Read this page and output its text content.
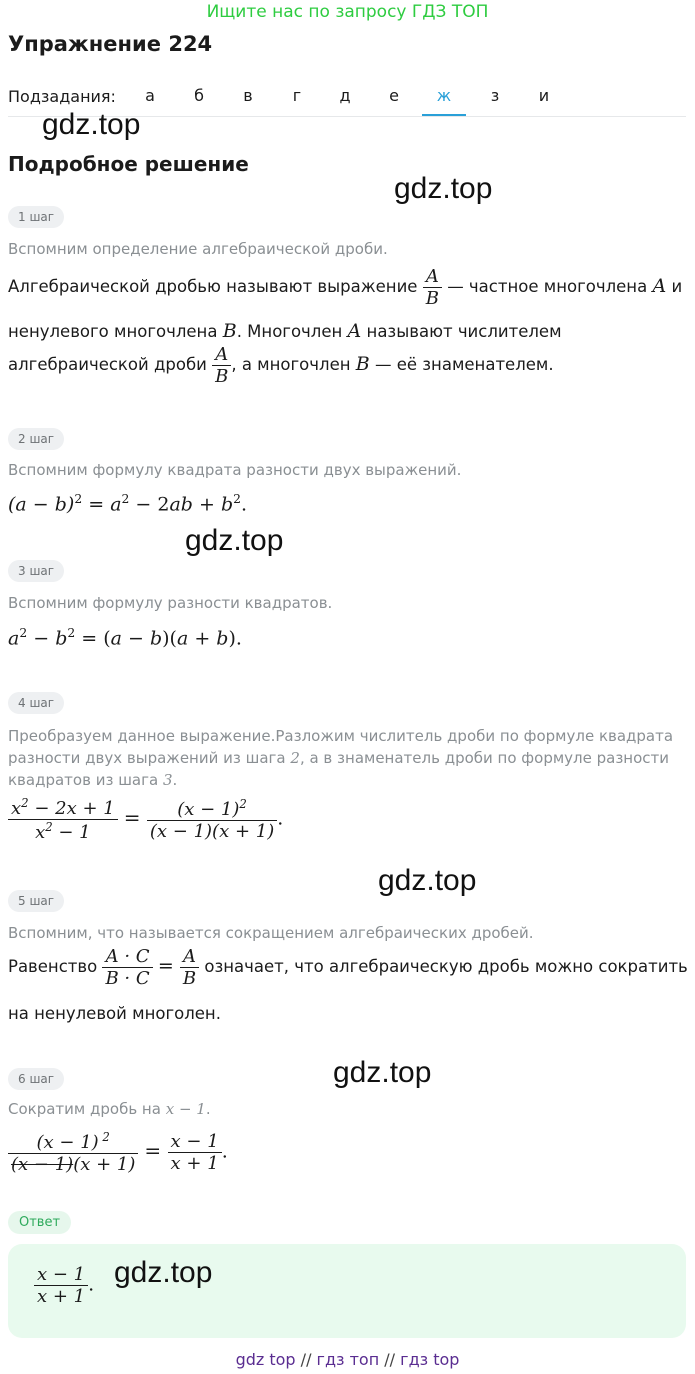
Ищите нас по запросу ГДЗ ТОП
Упражнение 224
Подзадания:	а	б	в	г	д	е	ж	з	и
gdz.top
Подробное решение
gdz.top
1 шаг
Вспомним определение алгебраической дроби.
Алгебраической дробью называют выражение $\frac{A}{B}$ — частное многочлена A и
ненулевого многочлена B. Многочлен A называют числителем
алгебраической дроби $\frac{A}{B}$ , а многочлен B — её знаменателем.
2 шаг
Вспомним формулу квадрата разности двух выражений.
$(a - b)^2 = a^2 - 2ab + b^2$.
gdz.top
3 шаг
Вспомним формулу разности квадратов.
$a^2 - b^2 = (a - b)(a + b)$.
4 шаг
Преобразуем данное выражение.Разложим числитель дроби по формуле квадрата
разности двух выражений из шага 2, а в знаменатель дроби по формуле разности
квадратов из шага 3.
$\frac{x^2 - 2x + 1}{x^2 - 1} = \frac{(x - 1)^2}{(x - 1)(x + 1)}$ .
gdz.top
5 шаг
Вспомним, что называется сокращением алгебраических дробей.
Равенство $\frac{A \cdot C}{B \cdot C} = \frac{A}{B}$ означает, что алгебраическую дробь можно сократить
на ненулевой многолен.
gdz.top
6 шаг
Сократим дробь на x − 1.
$\frac{(x - 1) ^2}{(x - 1)(x + 1)} = \frac{x - 1}{x + 1}$ .
Ответ
$\frac{x - 1}{x + 1}$ . gdz.top
gdz top // гдз топ // гдз top
